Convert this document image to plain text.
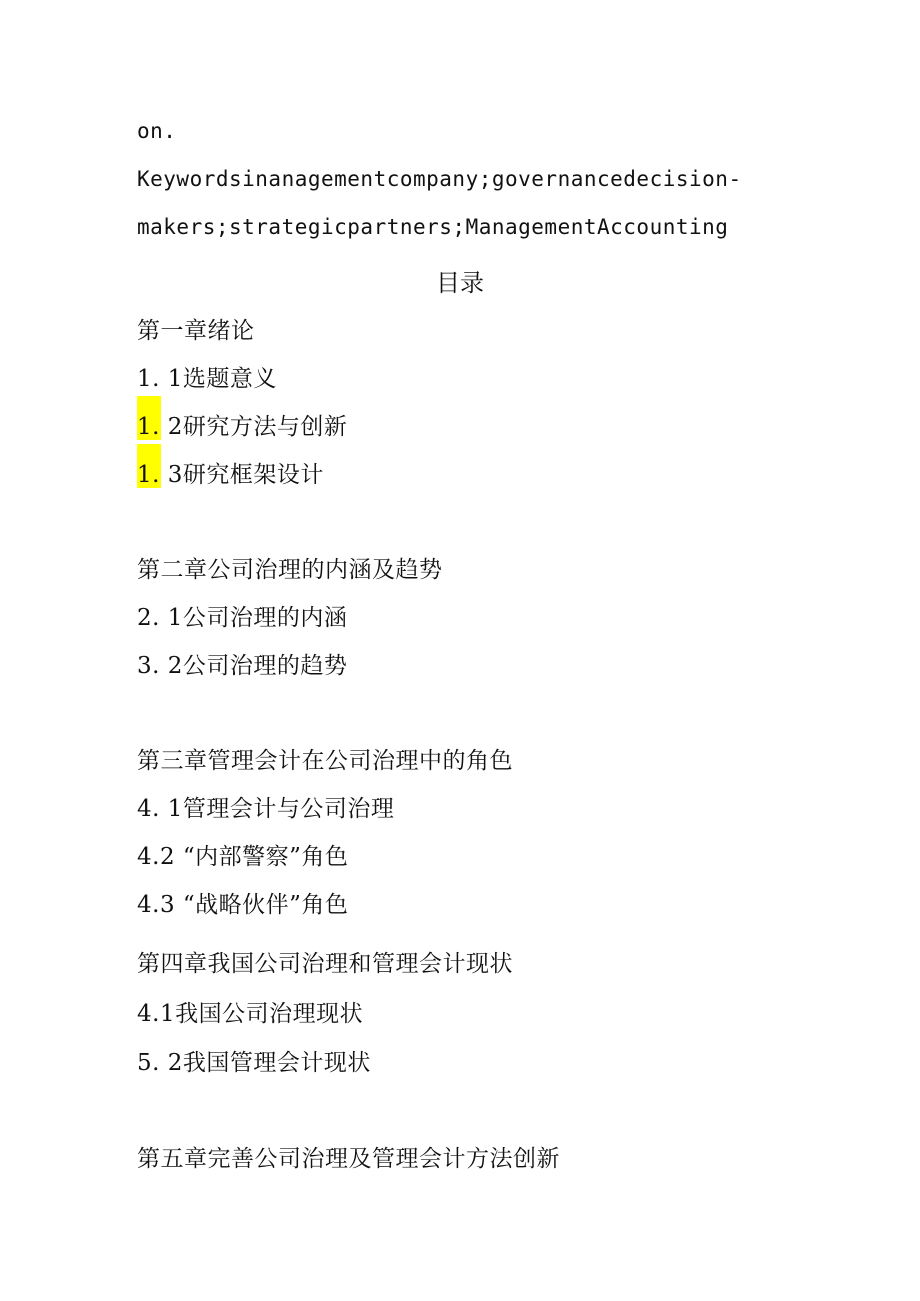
on.
Keywordsinanagementcompany;governancedecision-
makers;strategicpartners;ManagementAccounting
目录
第一章绪论
1. 1选题意义
1. 2研究方法与创新
1. 3研究框架设计
第二章公司治理的内涵及趋势
2. 1公司治理的内涵
3. 2公司治理的趋势
第三章管理会计在公司治理中的角色
4. 1管理会计与公司治理
4.2 “内部警察”角色
4.3 “战略伙伴”角色
第四章我国公司治理和管理会计现状
4.1我国公司治理现状
5. 2我国管理会计现状
第五章完善公司治理及管理会计方法创新
